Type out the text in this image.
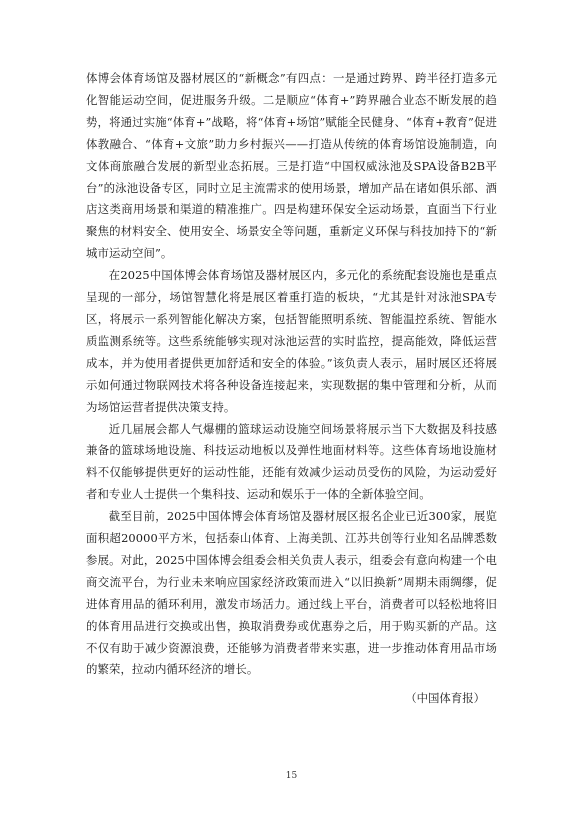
体博会体育场馆及器材展区的“新概念”有四点：一是通过跨界、跨半径打造多元化智能运动空间，促进服务升级。二是顺应“体育+”跨界融合业态不断发展的趋势，将通过实施“体育+”战略，将“体育+场馆”赋能全民健身、“体育+教育”促进体教融合、“体育+文旅”助力乡村振兴——打造从传统的体育场馆设施制造，向文体商旅融合发展的新型业态拓展。三是打造“中国权威泳池及SPA设备B2B平台”的泳池设备专区，同时立足主流需求的使用场景，增加产品在诸如俱乐部、酒店这类商用场景和渠道的精准推广。四是构建环保安全运动场景，直面当下行业聚焦的材料安全、使用安全、场景安全等问题，重新定义环保与科技加持下的“新城市运动空间”。

在2025中国体博会体育场馆及器材展区内，多元化的系统配套设施也是重点呈现的一部分，场馆智慧化将是展区着重打造的板块，“尤其是针对泳池SPA专区，将展示一系列智能化解决方案，包括智能照明系统、智能温控系统、智能水质监测系统等。这些系统能够实现对泳池运营的实时监控，提高能效，降低运营成本，并为使用者提供更加舒适和安全的体验。”该负责人表示，届时展区还将展示如何通过物联网技术将各种设备连接起来，实现数据的集中管理和分析，从而为场馆运营者提供决策支持。

近几届展会都人气爆棚的篮球运动设施空间场景将展示当下大数据及科技感兼备的篮球场地设施、科技运动地板以及弹性地面材料等。这些体育场地设施材料不仅能够提供更好的运动性能，还能有效减少运动员受伤的风险，为运动爱好者和专业人士提供一个集科技、运动和娱乐于一体的全新体验空间。

截至目前，2025中国体博会体育场馆及器材展区报名企业已近300家，展览面积超20000平方米，包括泰山体育、上海美凯、江苏共创等行业知名品牌悉数参展。对此，2025中国体博会组委会相关负责人表示，组委会有意向构建一个电商交流平台，为行业未来响应国家经济政策而进入“以旧换新”周期未雨绸缪，促进体育用品的循环利用，激发市场活力。通过线上平台，消费者可以轻松地将旧的体育用品进行交换或出售，换取消费券或优惠券之后，用于购买新的产品。这不仅有助于减少资源浪费，还能够为消费者带来实惠，进一步推动体育用品市场的繁荣，拉动内循环经济的增长。

（中国体育报）

15
